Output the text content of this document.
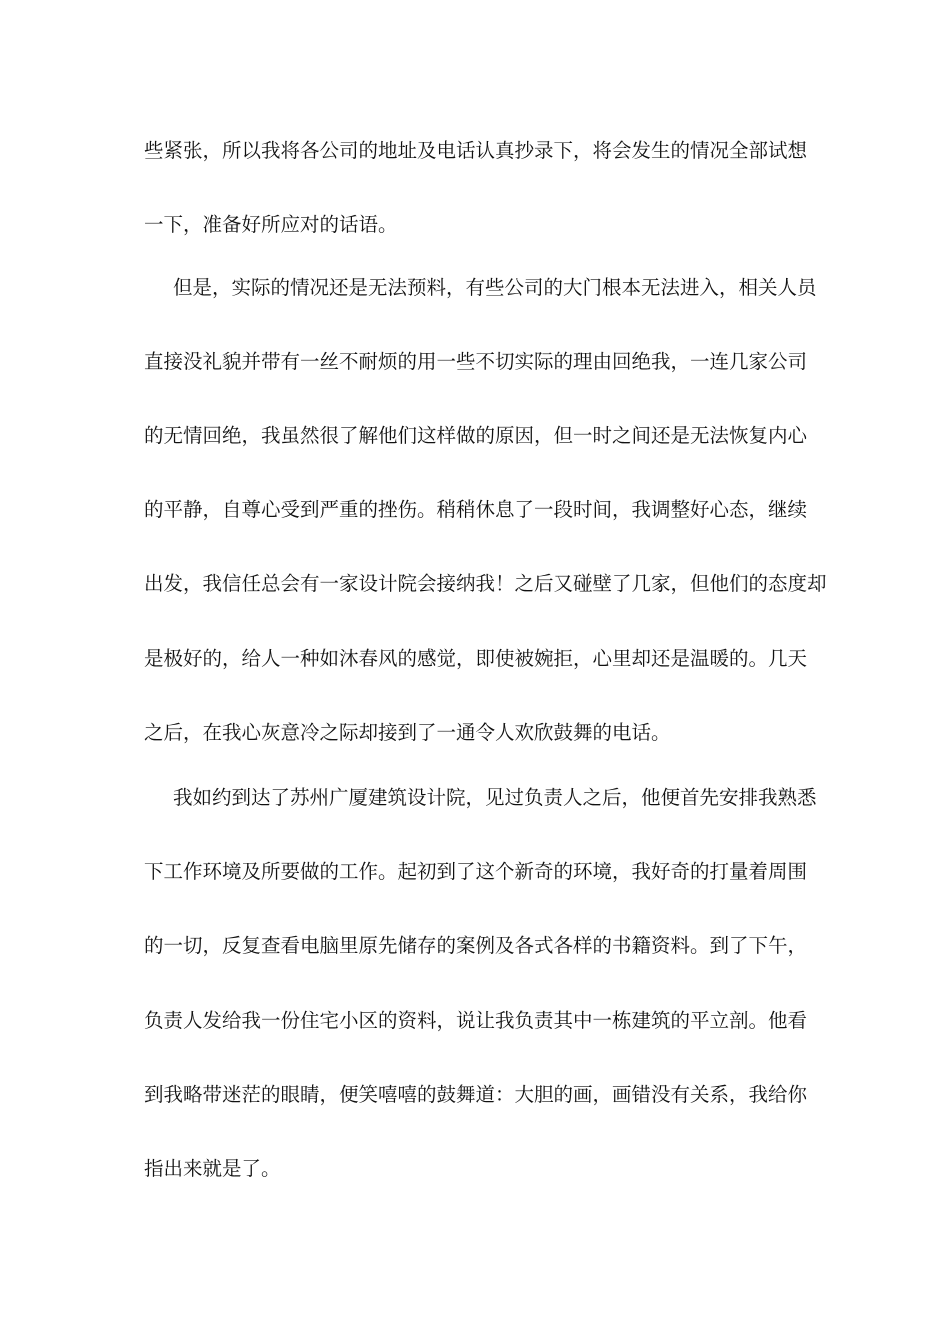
些紧张，所以我将各公司的地址及电话认真抄录下，将会发生的情况全部试想
一下，准备好所应对的话语。
但是，实际的情况还是无法预料，有些公司的大门根本无法进入，相关人员
直接没礼貌并带有一丝不耐烦的用一些不切实际的理由回绝我，一连几家公司
的无情回绝，我虽然很了解他们这样做的原因，但一时之间还是无法恢复内心
的平静，自尊心受到严重的挫伤。稍稍休息了一段时间，我调整好心态，继续
出发，我信任总会有一家设计院会接纳我！之后又碰壁了几家，但他们的态度却
是极好的，给人一种如沐春风的感觉，即使被婉拒，心里却还是温暖的。几天
之后，在我心灰意冷之际却接到了一通令人欢欣鼓舞的电话。
我如约到达了苏州广厦建筑设计院，见过负责人之后，他便首先安排我熟悉
下工作环境及所要做的工作。起初到了这个新奇的环境，我好奇的打量着周围
的一切，反复查看电脑里原先储存的案例及各式各样的书籍资料。到了下午，
负责人发给我一份住宅小区的资料，说让我负责其中一栋建筑的平立剖。他看
到我略带迷茫的眼睛，便笑嘻嘻的鼓舞道：大胆的画，画错没有关系，我给你
指出来就是了。
